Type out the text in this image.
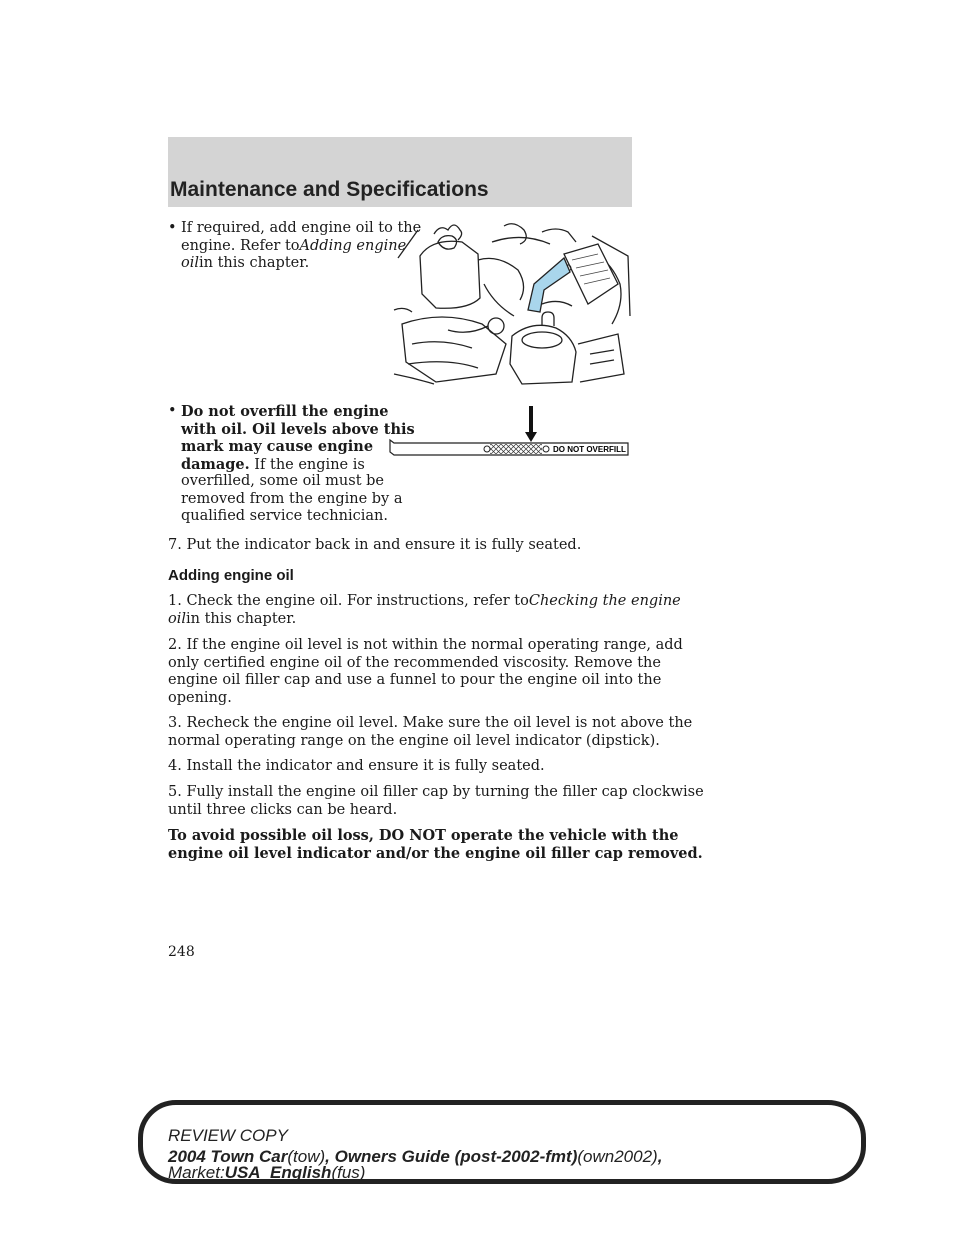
Maintenance and Specifications
• If required, add engine oil to the
engine. Refer toAdding engine
oilin this chapter.
• Do not overfill the engine
with oil. Oil levels above this
mark may cause engine
damage. If the engine is
overfilled, some oil must be
removed from the engine by a
qualified service technician.
DO NOT OVERFILL
7. Put the indicator back in and ensure it is fully seated.
Adding engine oil
1. Check the engine oil. For instructions, refer toChecking the engine
oilin this chapter.
2. If the engine oil level is not within the normal operating range, add
only certified engine oil of the recommended viscosity. Remove the
engine oil filler cap and use a funnel to pour the engine oil into the
opening.
3. Recheck the engine oil level. Make sure the oil level is not above the
normal operating range on the engine oil level indicator (dipstick).
4. Install the indicator and ensure it is fully seated.
5. Fully install the engine oil filler cap by turning the filler cap clockwise
until three clicks can be heard.
To avoid possible oil loss, DO NOT operate the vehicle with the
engine oil level indicator and/or the engine oil filler cap removed.
248
REVIEW COPY
2004 Town Car(tow), Owners Guide (post-2002-fmt)(own2002),
Market:USA_English(fus)
